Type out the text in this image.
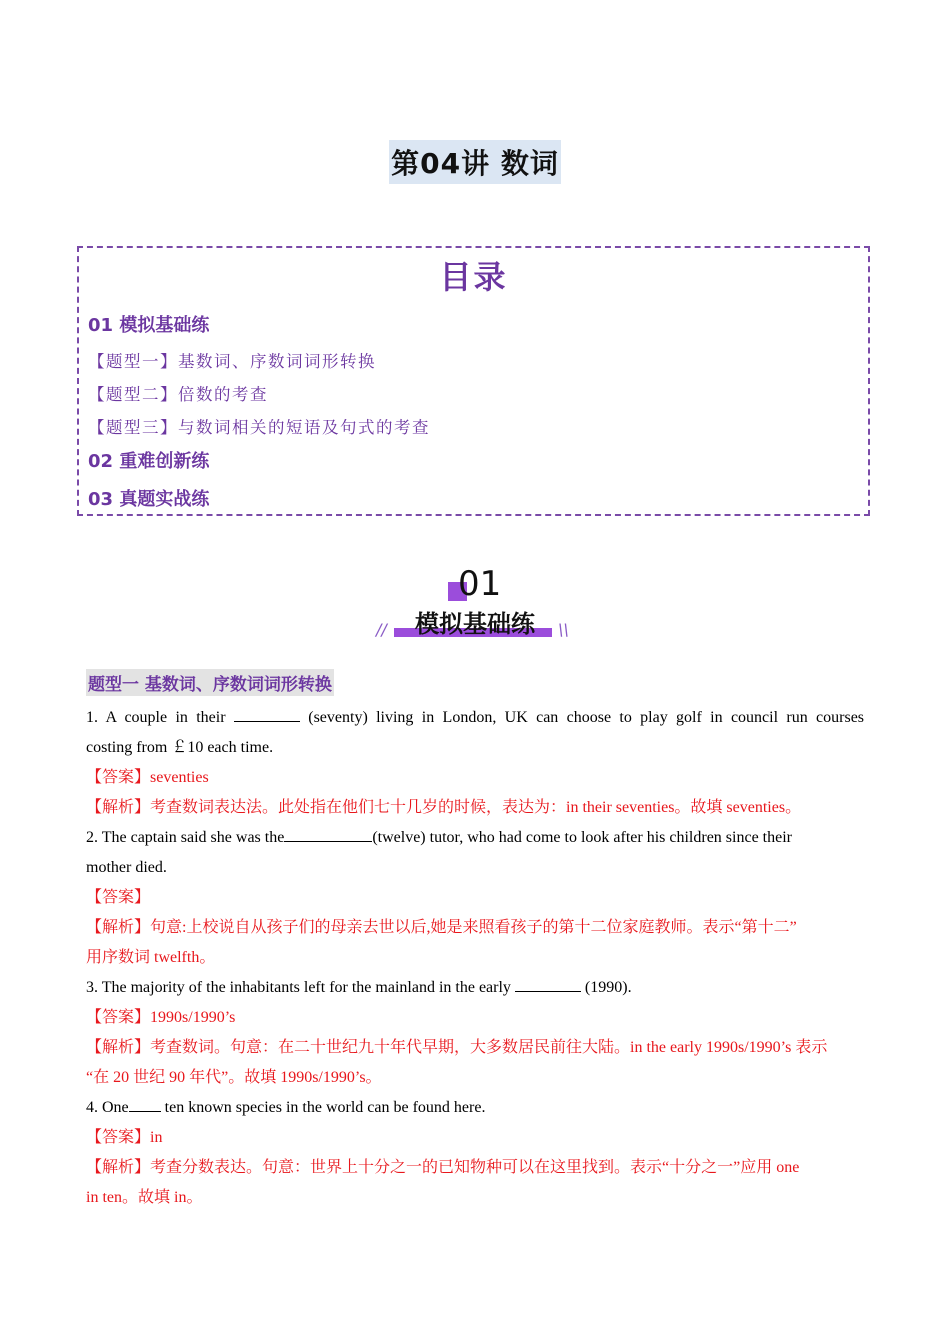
第04讲 数词
目录
01 模拟基础练
【题型一】基数词、序数词词形转换
【题型二】倍数的考查
【题型三】与数词相关的短语及句式的考查
02 重难创新练
03 真题实战练
01
//	\\
模拟基础练
题型一 基数词、序数词词形转换
1. A couple in their	(seventy) living in London, UK can choose to play golf in council run courses
costing from ￡10 each time.
【答案】seventies
【解析】考查数词表达法。此处指在他们七十几岁的时候，表达为：in their seventies。故填 seventies。
2. The captain said she was the	(twelve) tutor, who had come to look after his children since their
mother died.
【答案】
【解析】句意:上校说自从孩子们的母亲去世以后,她是来照看孩子的第十二位家庭教师。表示“第十二”
用序数词 twelfth。
3. The majority of the inhabitants left for the mainland in the early	(1990).
【答案】1990s/1990’s
【解析】考查数词。句意：在二十世纪九十年代早期，大多数居民前往大陆。in the early 1990s/1990’s 表示
“在 20 世纪 90 年代”。故填 1990s/1990’s。
4. One ten known species in the world can be found here.
【答案】in
【解析】考查分数表达。句意：世界上十分之一的已知物种可以在这里找到。表示“十分之一”应用 one
in ten。故填 in。
